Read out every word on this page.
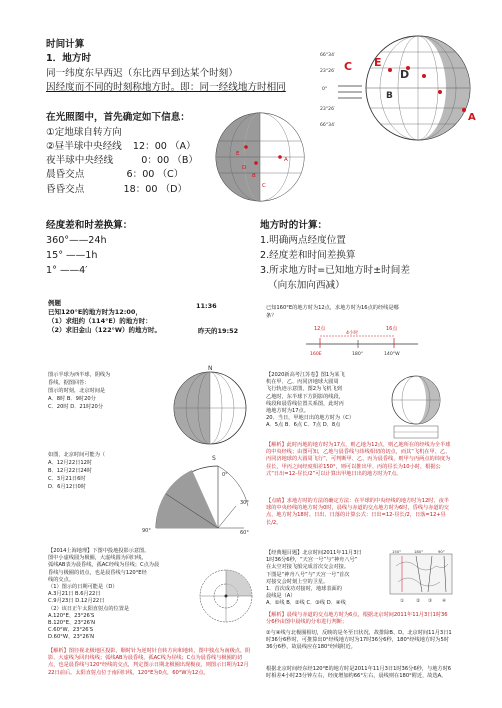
时间计算
1．地方时
同一纬度东早西迟（东比西早到达某个时刻）
因经度而不同的时刻称地方时。即：同一经线地方时相同
C E
D
B
A
66°34′
23°26′
0°
23°26′
66°34′
在光照图中，首先确定如下信息：
①定地球自转方向
②昼半球中央经线 12：00 （A）
夜半球中央经线	0：00 （B）
晨昏交点	6：00 （C）
昏昏交点	18：00 （D）
E
D
B
A
C
经度差和时差换算：
360°——24h
15° ——1h
1° ——4′
地方时的计算：
1.明确两点经度位置
2.经度差和时间差换算
3.所求地方时=已知地方时±时间差
（向东加向西减）
例题
已知120°E的地方时为12:00，
（1）求纽约（114°E）的地方时：
11:36
（2）求旧金山（122°W）的地方时。	昨天的19:52
已知160°E的地方时为12点，求地方时为16点的经线是哪
条？
12点	16点
4小时
160E	180°	140°W
图示半球为西半球，阴线为
昏线，据图回答：
图示的时刻，北京时间是
A．8时 B．9时20分
C．20时 D．21时20分
N
【2020新高考江苏卷】图1为某飞
机在甲、乙、丙同济地球大圆周
飞行轨迹示意图，图2为飞机飞到
乙地时，东半球下方阴影的线段，
线段和晨昏线位置关系图，此时丙
地地方时为17点。
20、当日，甲地日出的地方时为（C）
A．5点 B．6点 C．7点 D．8点
【解析】此时丙地的地方时为17点，则乙地为12点，则乙地所在的经线为全半球的中央经线；由图可知，乙地与晨昏线与纬线相切的切点，而其“飞机在甲、乙、丙同济地球的大圆周飞行”，可判断甲、乙、丙为晨昏线，则甲与丙两点的纬度为昼长，甲丙之间经度相差150°，则可以推出甲、丙的昼长为10小时，根据公式“日出=12-昼长/2”可以计算出甲地日出的地方时为7点。
【点睛】求地方时的方法的确定方法：在半球的中央经线的地方时为12时，夜半球的中央经线的地方时为0时，晨线与赤道的交点地方时为6时，昏线与赤道的交点，地方时为18时。日出、日落的计算公式：日出=12-昼长/2，日落=12+昼长/2。
如图，北京时间可能为（
A．12月22日12时
B．12月22日24时
C．3月21日6时
D．6月12日0时
S
0°
30°
90°	60°
【2014上海地理】下图中投地投影示意图。
图中小虚线圆为极圈，大虚线圆为回归线，
弧线AB表为晨昏线，孤AC经线为昼线；C点为晨
昏线与极圈的切点，也是晨昏线与120°E经
线的交点。
（1）图示的日期可能是（D）
A.3月21日 B.6月22日
C.9月23日 D.12月22日
（2）该日正午太阳直射点的位置是
A.120°E、23°26′S
B.120°E、23°26′N
C.60°W、23°26′S
D.60°W、23°26′N
【解析】图径视北极地区投影，顺时针为逆时针自转方向和地转，图中独点为南极点，阴影、大虚线为回归线线；弧线AB为晨昏线，孤AC线为昼线；C点为晨昏线与极圈的切点，也是晨昏线与120°经线的交点，判定图示日期北极圈出现极夜，则图示日期为12月22日前后。太阳直射点位于南回归线，120°E为0点，60°W为12点。
【经典题目题】北京时间2011年11月3日
1时36分6秒，“天宫一号”与“神舟八号”
在太空对接飞船完成首次交会对接。
下图是“神舟八号”与“天宫一号”首次
对接交会时刻上空的卫星。
1．首次成功对接时，地球表面的
晨线是（A）
A．①线 B．②线 C．③线 D．④线	①	② ③ ④
150°	180°	90°
【解析】晨线与赤道的交点地方时为6点，根据北京时间2011年11月3日1时36分6秒由图中晨线的分布进行判断；
②与④线与北极圈相切，反映的是冬至日状况，故排除B、D。北京时间11月3日1时36分6秒时，可推算出0°经线地方时为17时36分6秒，180°经线地方时为5时36分6秒，故晨线应在180°经线附近。
根据北京时间经东经120°E的地方时是2011年11月3日1时36分6秒，与地方时6时相差4小时23分钟左右，经度增加约66°左右，晨线则在180°附近，故选A。
